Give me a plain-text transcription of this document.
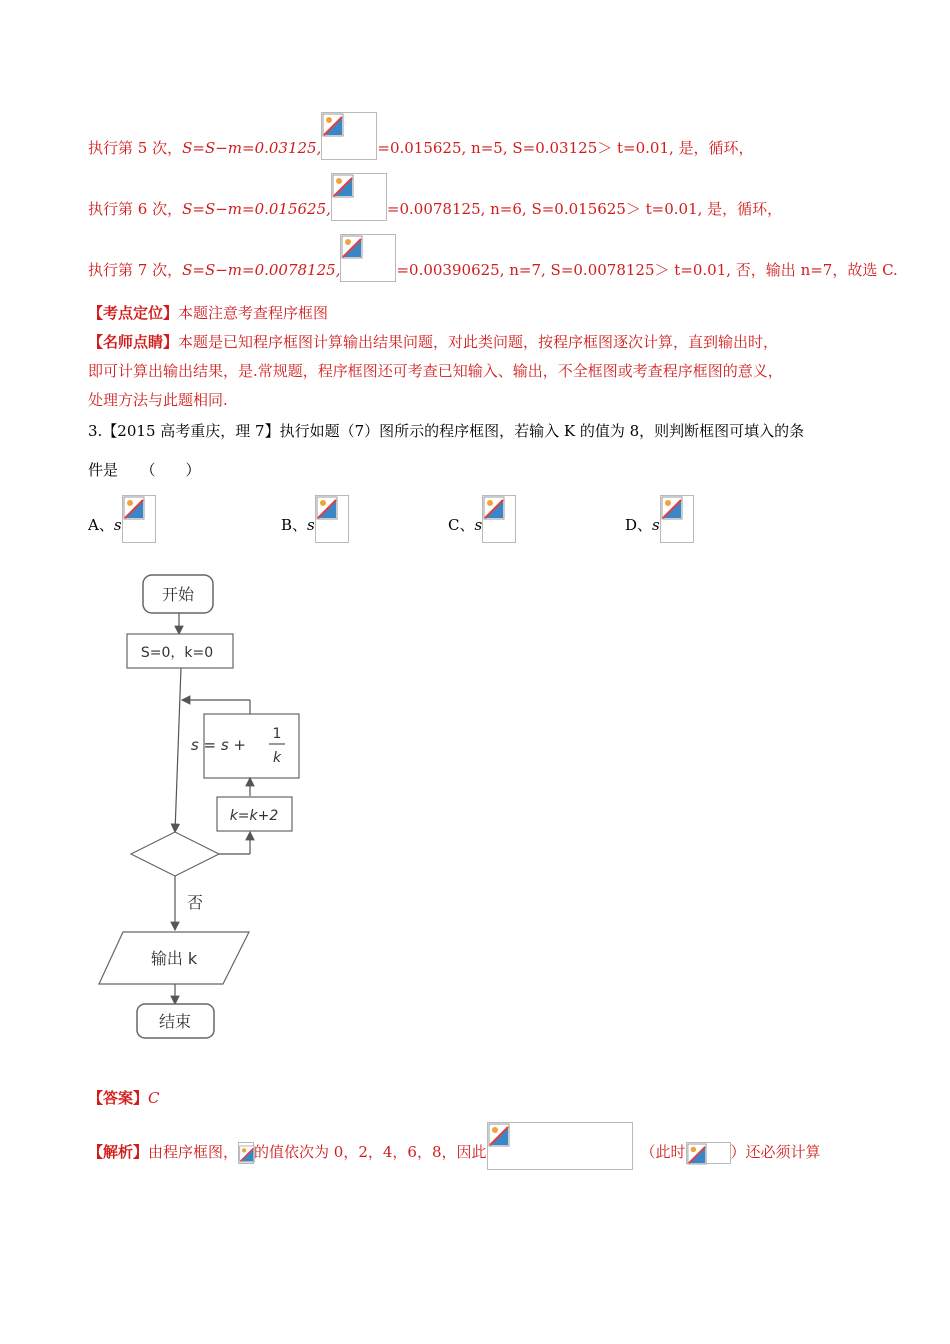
执行第 5 次，S=S−m=0.03125,	=0.015625, n=5, S=0.03125＞ t=0.01, 是，循环，
执行第 6 次，S=S−m=0.015625,	=0.0078125, n=6, S=0.015625＞ t=0.01, 是，循环，
执行第 7 次，S=S−m=0.0078125,	=0.00390625, n=7, S=0.0078125＞ t=0.01, 否，输出 n=7，故选 C.
【考点定位】本题注意考查程序框图
【名师点睛】本题是已知程序框图计算输出结果问题，对此类问题，按程序框图逐次计算，直到输出时，
即可计算出输出结果，是.常规题，程序框图还可考查已知输入、输出，不全框图或考查程序框图的意义，
处理方法与此题相同.
3.【2015 高考重庆，理 7】执行如题（7）图所示的程序框图，若输入 K 的值为 8，则判断框图可填入的条
件是　　（　　）
A、s	B、s	C、s	D、s
开始
S=0，k=0
s = s +
1
k
k=k+2
否
输出 k
结束
【答案】C
【解析】由程序框图， 的值依次为 0，2，4，6，8，因此	（此时	）还必须计算
